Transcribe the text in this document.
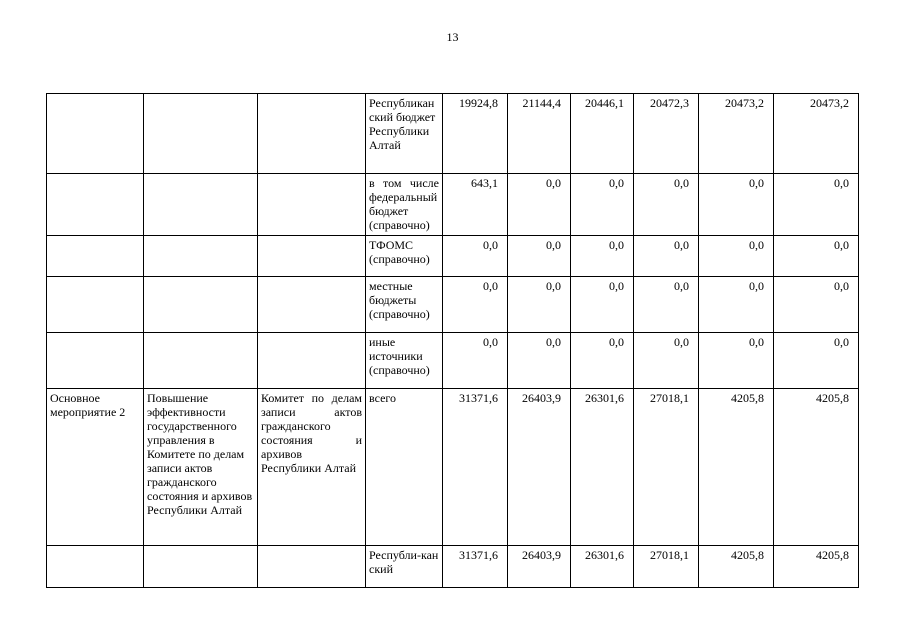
13
			Республиканский бюджет Республики Алтай	19924,8	21144,4	20446,1	20472,3	20473,2	20473,2
			в том числе федеральный бюджет (справочно)	643,1	0,0	0,0	0,0	0,0	0,0
			ТФОМС (справочно)	0,0	0,0	0,0	0,0	0,0	0,0
			местные бюджеты (справочно)	0,0	0,0	0,0	0,0	0,0	0,0
			иные источники (справочно)	0,0	0,0	0,0	0,0	0,0	0,0
Основное мероприятие 2	Повышение эффективности государственного управления в Комитете по делам записи актов гражданского состояния и архивов Республики Алтай	Комитет по делам записи актов гражданского состояния и архивов Республики Алтай	всего	31371,6	26403,9	26301,6	27018,1	4205,8	4205,8
			Республи-канский	31371,6	26403,9	26301,6	27018,1	4205,8	4205,8
